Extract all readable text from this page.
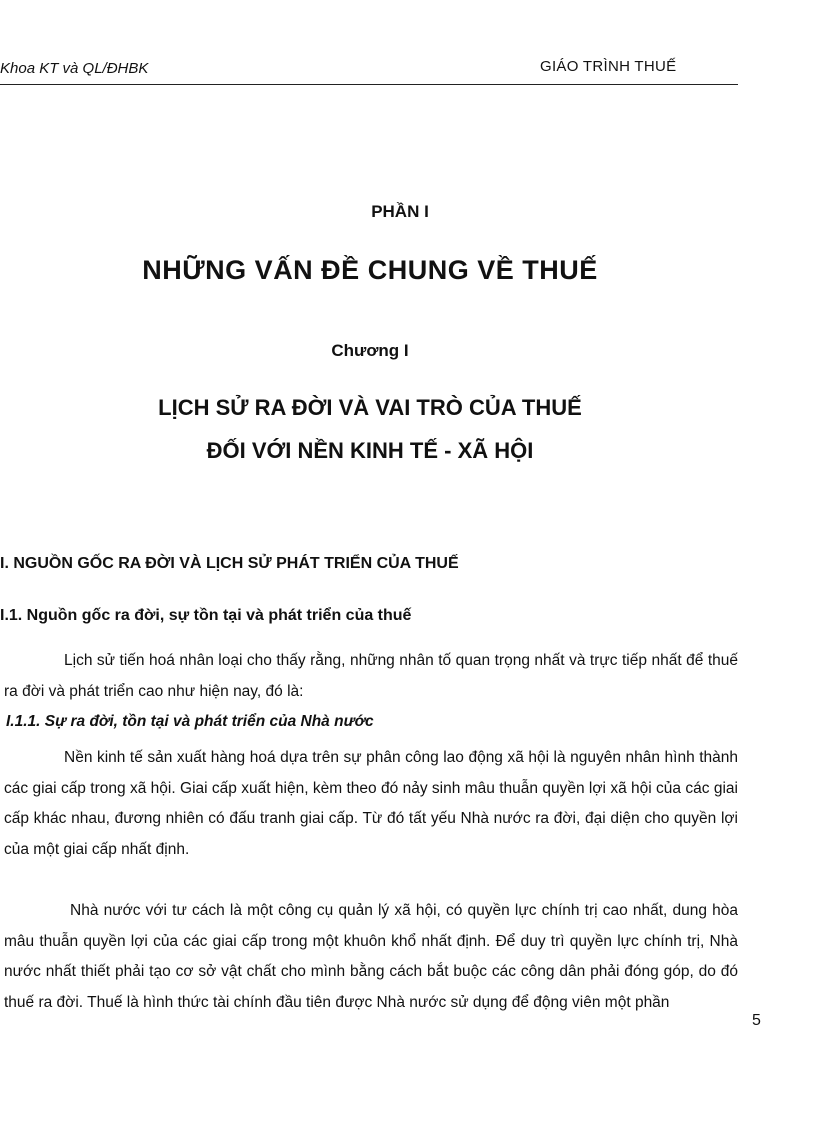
Khoa KT và QL/ĐHBK	GIÁO TRÌNH THUẾ
PHẦN I
NHỮNG VẤN ĐỀ CHUNG VỀ THUẾ
Chương I
LỊCH SỬ RA ĐỜI VÀ VAI TRÒ CỦA THUẾ
ĐỐI VỚI NỀN KINH TẾ - XÃ HỘI
I. NGUỒN GỐC RA ĐỜI VÀ LỊCH SỬ PHÁT TRIỂN CỦA THUẾ
I.1. Nguồn gốc ra đời, sự tồn tại và phát triển của thuế
Lịch sử tiến hoá nhân loại cho thấy rằng, những nhân tố quan trọng nhất và trực tiếp nhất để thuế ra đời và phát triển cao như hiện nay, đó là:
I.1.1. Sự ra đời, tồn tại và phát triển của Nhà nước
Nền kinh tế sản xuất hàng hoá dựa trên sự phân công lao động xã hội là nguyên nhân hình thành các giai cấp trong xã hội. Giai cấp xuất hiện, kèm theo đó nảy sinh mâu thuẫn quyền lợi xã hội của các giai cấp khác nhau, đương nhiên có đấu tranh giai cấp. Từ đó tất yếu Nhà nước ra đời, đại diện cho quyền lợi của một giai cấp nhất định.
Nhà nước với tư cách là một công cụ quản lý xã hội, có quyền lực chính trị cao nhất, dung hòa mâu thuẫn quyền lợi của các giai cấp trong một khuôn khổ nhất định. Để duy trì quyền lực chính trị, Nhà nước nhất thiết phải tạo cơ sở vật chất cho mình bằng cách bắt buộc các công dân phải đóng góp, do đó thuế ra đời. Thuế là hình thức tài chính đầu tiên được Nhà nước sử dụng để động viên một phần
5
